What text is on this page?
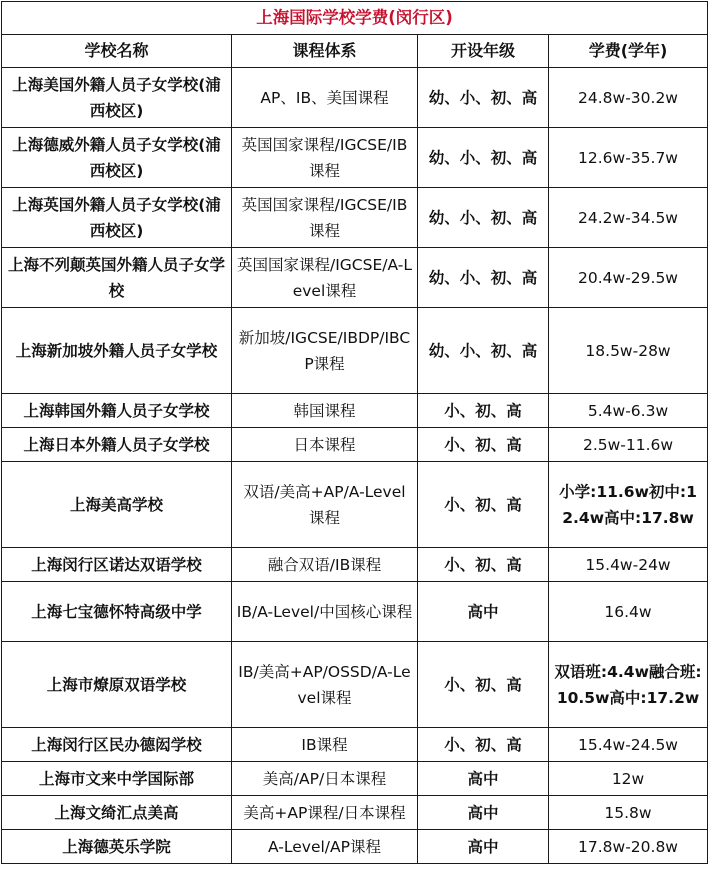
上海国际学校学费(闵行区)			
学校名称	课程体系	开设年级	学费(学年)
上海美国外籍人员子女学校(浦西校区)	AP、IB、美国课程	幼、小、初、高	24.8w-30.2w
上海德威外籍人员子女学校(浦西校区)	英国国家课程/IGCSE/IB课程	幼、小、初、高	12.6w-35.7w
上海英国外籍人员子女学校(浦西校区)	英国国家课程/IGCSE/IB课程	幼、小、初、高	24.2w-34.5w
上海不列颠英国外籍人员子女学校	英国国家课程/IGCSE/A-Level课程	幼、小、初、高	20.4w-29.5w
上海新加坡外籍人员子女学校	新加坡/IGCSE/IBDP/IBCP课程	幼、小、初、高	18.5w-28w
上海韩国外籍人员子女学校	韩国课程	小、初、高	5.4w-6.3w
上海日本外籍人员子女学校	日本课程	小、初、高	2.5w-11.6w
上海美高学校	双语/美高+AP/A-Level课程	小、初、高	小学:11.6w初中:12.4w高中:17.8w
上海闵行区诺达双语学校	融合双语/IB课程	小、初、高	15.4w-24w
上海七宝德怀特高级中学	IB/A-Level/中国核心课程	高中	16.4w
上海市燎原双语学校	IB/美高+AP/OSSD/A-Level课程	小、初、高	双语班:4.4w融合班:10.5w高中:17.2w
上海闵行区民办德闳学校	IB课程	小、初、高	15.4w-24.5w
上海市文来中学国际部	美高/AP/日本课程	高中	12w
上海文绮汇点美高	美高+AP课程/日本课程	高中	15.8w
上海德英乐学院	A-Level/AP课程	高中	17.8w-20.8w
